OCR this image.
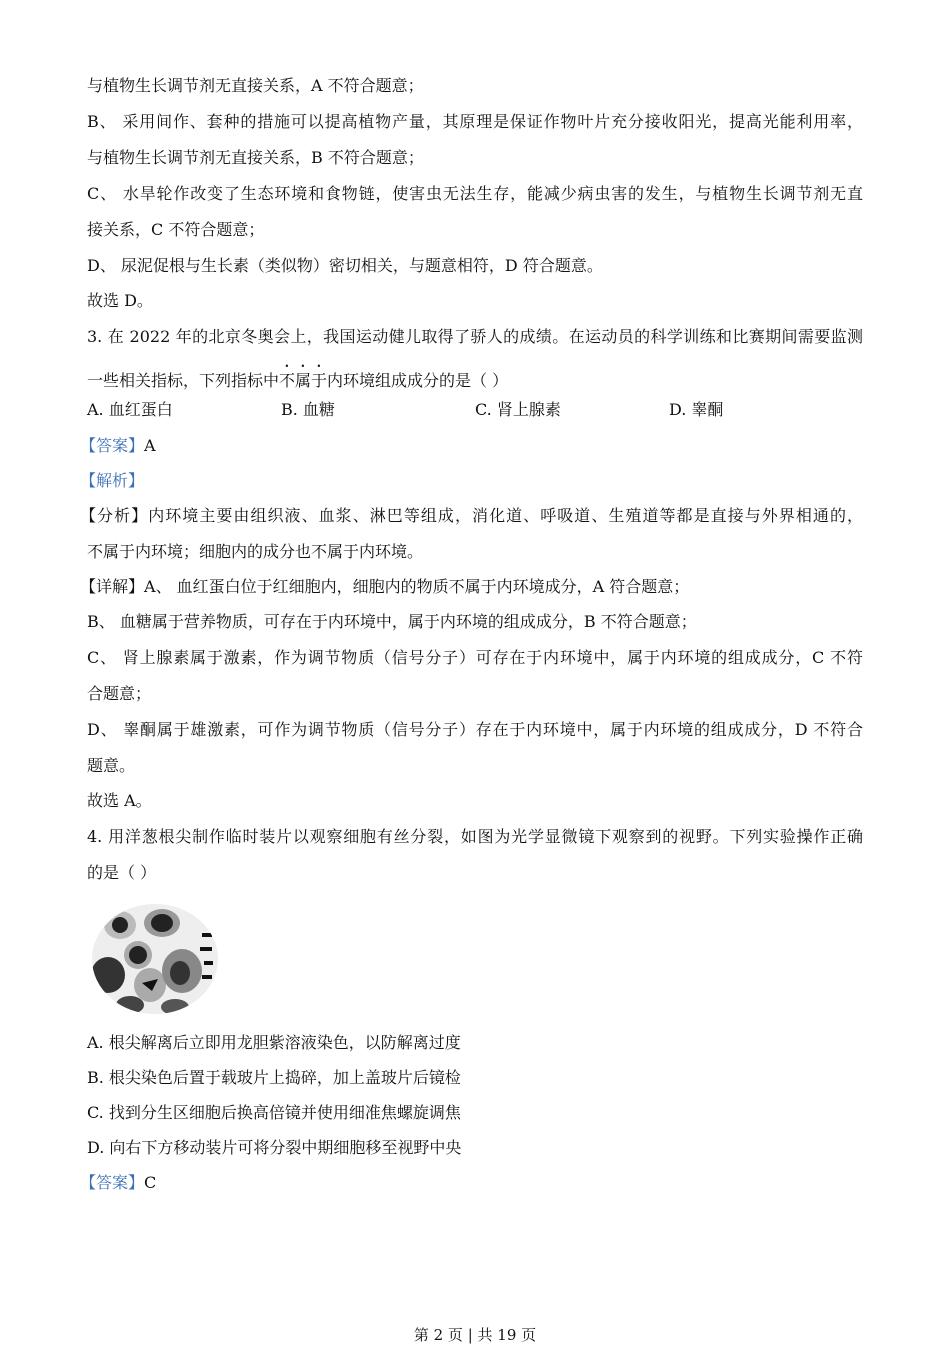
与植物生长调节剂无直接关系，A 不符合题意；
B、 采用间作、套种的措施可以提高植物产量，其原理是保证作物叶片充分接收阳光，提高光能利用率，
与植物生长调节剂无直接关系，B 不符合题意；
C、 水旱轮作改变了生态环境和食物链，使害虫无法生存，能减少病虫害的发生，与植物生长调节剂无直
接关系，C 不符合题意；
D、 尿泥促根与生长素（类似物）密切相关，与题意相符，D 符合题意。
故选 D。
3. 在 2022 年的北京冬奥会上，我国运动健儿取得了骄人的成绩。在运动员的科学训练和比赛期间需要监测
一些相关指标，下列指标中不属于内环境组成成分的是（ ）
A. 血红蛋白	B. 血糖	C. 肾上腺素	D. 睾酮
【答案】A
【解析】
【分析】内环境主要由组织液、血浆、淋巴等组成，消化道、呼吸道、生殖道等都是直接与外界相通的，
不属于内环境；细胞内的成分也不属于内环境。
【详解】A、 血红蛋白位于红细胞内，细胞内的物质不属于内环境成分，A 符合题意；
B、 血糖属于营养物质，可存在于内环境中，属于内环境的组成成分，B 不符合题意；
C、 肾上腺素属于激素，作为调节物质（信号分子）可存在于内环境中，属于内环境的组成成分，C 不符
合题意；
D、 睾酮属于雄激素，可作为调节物质（信号分子）存在于内环境中，属于内环境的组成成分，D 不符合
题意。
故选 A。
4. 用洋葱根尖制作临时装片以观察细胞有丝分裂，如图为光学显微镜下观察到的视野。下列实验操作正确
的是（ ）
A. 根尖解离后立即用龙胆紫溶液染色，以防解离过度
B. 根尖染色后置于载玻片上捣碎，加上盖玻片后镜检
C. 找到分生区细胞后换高倍镜并使用细准焦螺旋调焦
D. 向右下方移动装片可将分裂中期细胞移至视野中央
【答案】C
第 2 页 | 共 19 页
